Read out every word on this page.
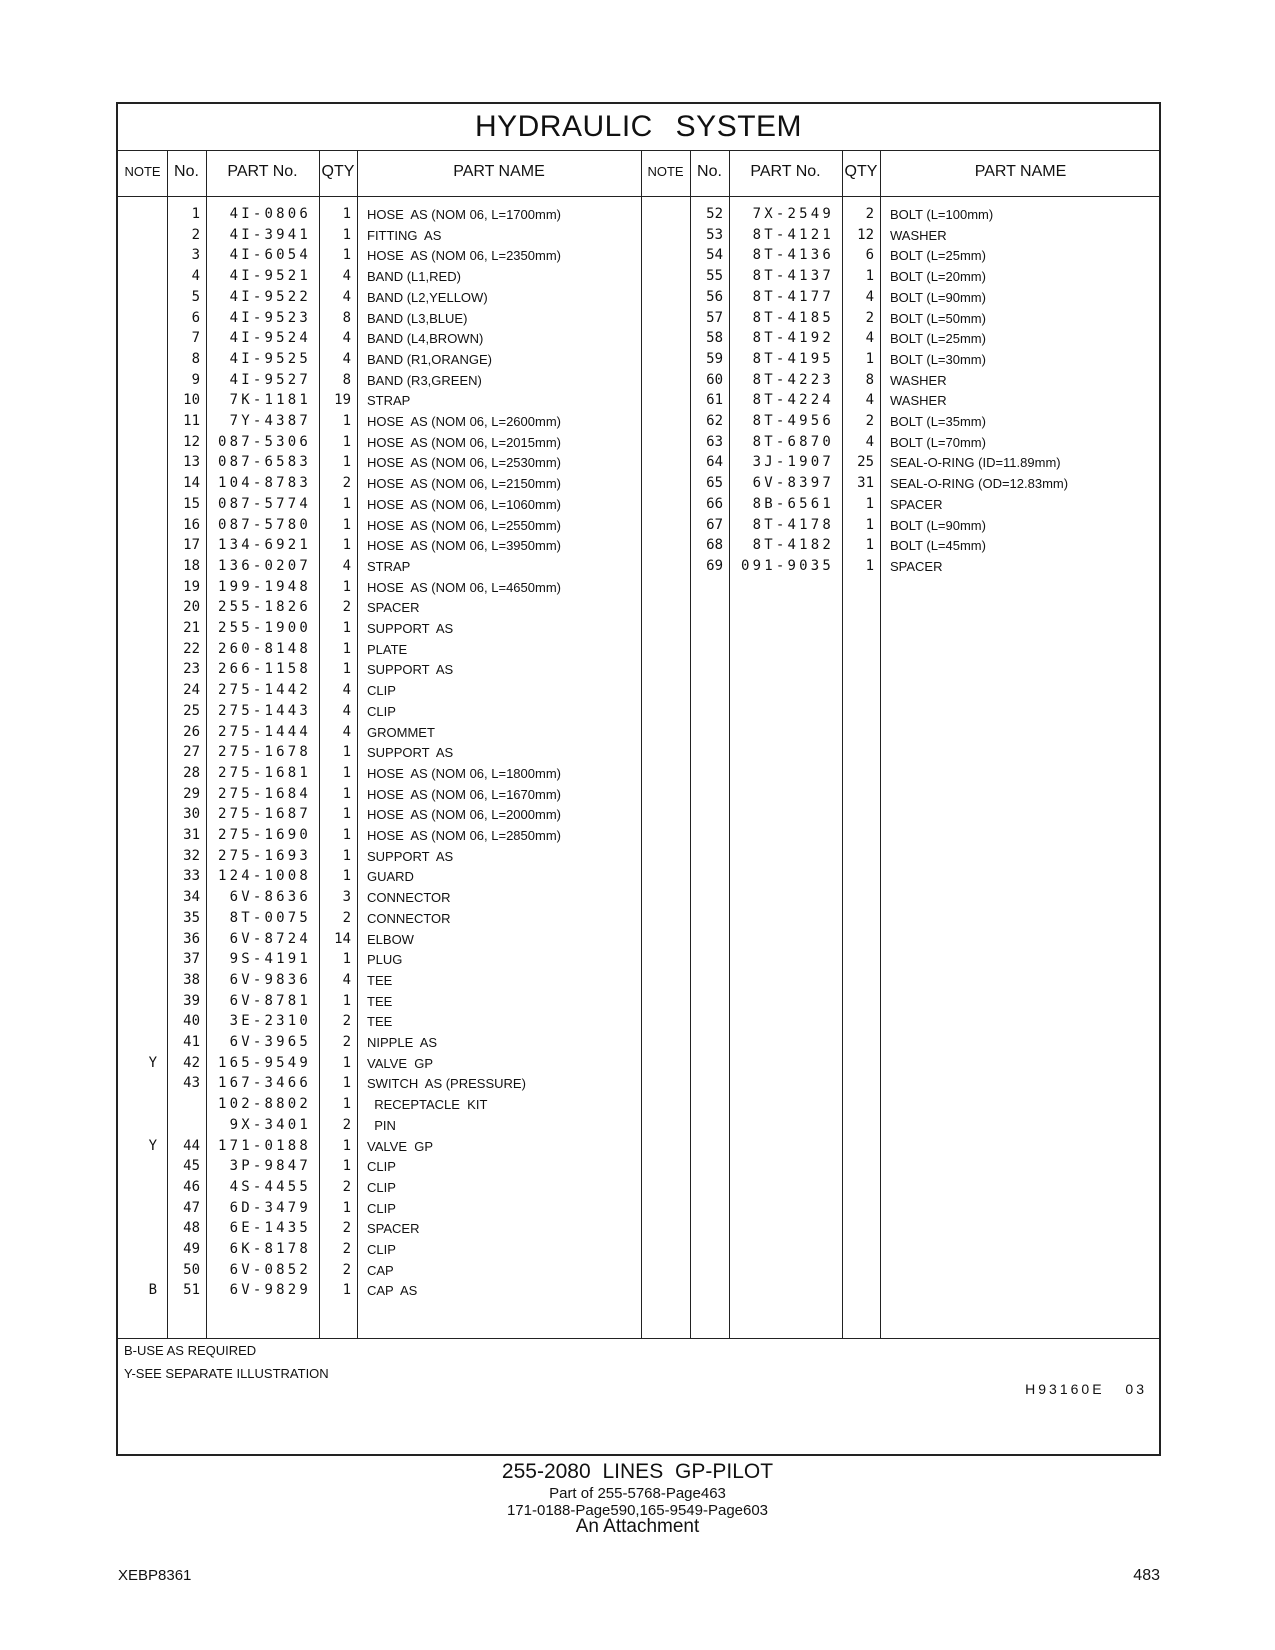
HYDRAULIC SYSTEM
NOTE No.	PART No.	QTY	PART NAME	NOTE No.	PART No.	QTY	PART NAME
1	4I-0806	1	HOSE  AS (NOM 06, L=1700mm)
2	4I-3941	1	FITTING  AS
3	4I-6054	1	HOSE  AS (NOM 06, L=2350mm)
4	4I-9521	4	BAND (L1,RED)
5	4I-9522	4	BAND (L2,YELLOW)
6	4I-9523	8	BAND (L3,BLUE)
7	4I-9524	4	BAND (L4,BROWN)
8	4I-9525	4	BAND (R1,ORANGE)
9	4I-9527	8	BAND (R3,GREEN)
10	7K-1181	19	STRAP
11	7Y-4387	1	HOSE  AS (NOM 06, L=2600mm)
12	087-5306	1	HOSE  AS (NOM 06, L=2015mm)
13	087-6583	1	HOSE  AS (NOM 06, L=2530mm)
14	104-8783	2	HOSE  AS (NOM 06, L=2150mm)
15	087-5774	1	HOSE  AS (NOM 06, L=1060mm)
16	087-5780	1	HOSE  AS (NOM 06, L=2550mm)
17	134-6921	1	HOSE  AS (NOM 06, L=3950mm)
18	136-0207	4	STRAP
19	199-1948	1	HOSE  AS (NOM 06, L=4650mm)
20	255-1826	2	SPACER
21	255-1900	1	SUPPORT  AS
22	260-8148	1	PLATE
23	266-1158	1	SUPPORT  AS
24	275-1442	4	CLIP
25	275-1443	4	CLIP
26	275-1444	4	GROMMET
27	275-1678	1	SUPPORT  AS
28	275-1681	1	HOSE  AS (NOM 06, L=1800mm)
29	275-1684	1	HOSE  AS (NOM 06, L=1670mm)
30	275-1687	1	HOSE  AS (NOM 06, L=2000mm)
31	275-1690	1	HOSE  AS (NOM 06, L=2850mm)
32	275-1693	1	SUPPORT  AS
33	124-1008	1	GUARD
34	6V-8636	3	CONNECTOR
35	8T-0075	2	CONNECTOR
36	6V-8724	14	ELBOW
37	9S-4191	1	PLUG
38	6V-9836	4	TEE
39	6V-8781	1	TEE
40	3E-2310	2	TEE
41	6V-3965	2	NIPPLE  AS
Y	42	165-9549	1	VALVE  GP
43	167-3466	1	SWITCH  AS (PRESSURE)
102-8802	1	RECEPTACLE  KIT
9X-3401	2	PIN
Y	44	171-0188	1	VALVE  GP
45	3P-9847	1	CLIP
46	4S-4455	2	CLIP
47	6D-3479	1	CLIP
48	6E-1435	2	SPACER
49	6K-8178	2	CLIP
50	6V-0852	2	CAP
B	51	6V-9829	1	CAP  AS
52	7X-2549	2	BOLT (L=100mm)
53	8T-4121	12	WASHER
54	8T-4136	6	BOLT (L=25mm)
55	8T-4137	1	BOLT (L=20mm)
56	8T-4177	4	BOLT (L=90mm)
57	8T-4185	2	BOLT (L=50mm)
58	8T-4192	4	BOLT (L=25mm)
59	8T-4195	1	BOLT (L=30mm)
60	8T-4223	8	WASHER
61	8T-4224	4	WASHER
62	8T-4956	2	BOLT (L=35mm)
63	8T-6870	4	BOLT (L=70mm)
64	3J-1907	25	SEAL-O-RING (ID=11.89mm)
65	6V-8397	31	SEAL-O-RING (OD=12.83mm)
66	8B-6561	1	SPACER
67	8T-4178	1	BOLT (L=90mm)
68	8T-4182	1	BOLT (L=45mm)
69	091-9035	1	SPACER
B-USE AS REQUIRED
Y-SEE SEPARATE ILLUSTRATION
H93160E 03
255-2080 LINES GP-PILOT
Part of 255-5768-Page463
171-0188-Page590,165-9549-Page603
An Attachment
XEBP8361	483
